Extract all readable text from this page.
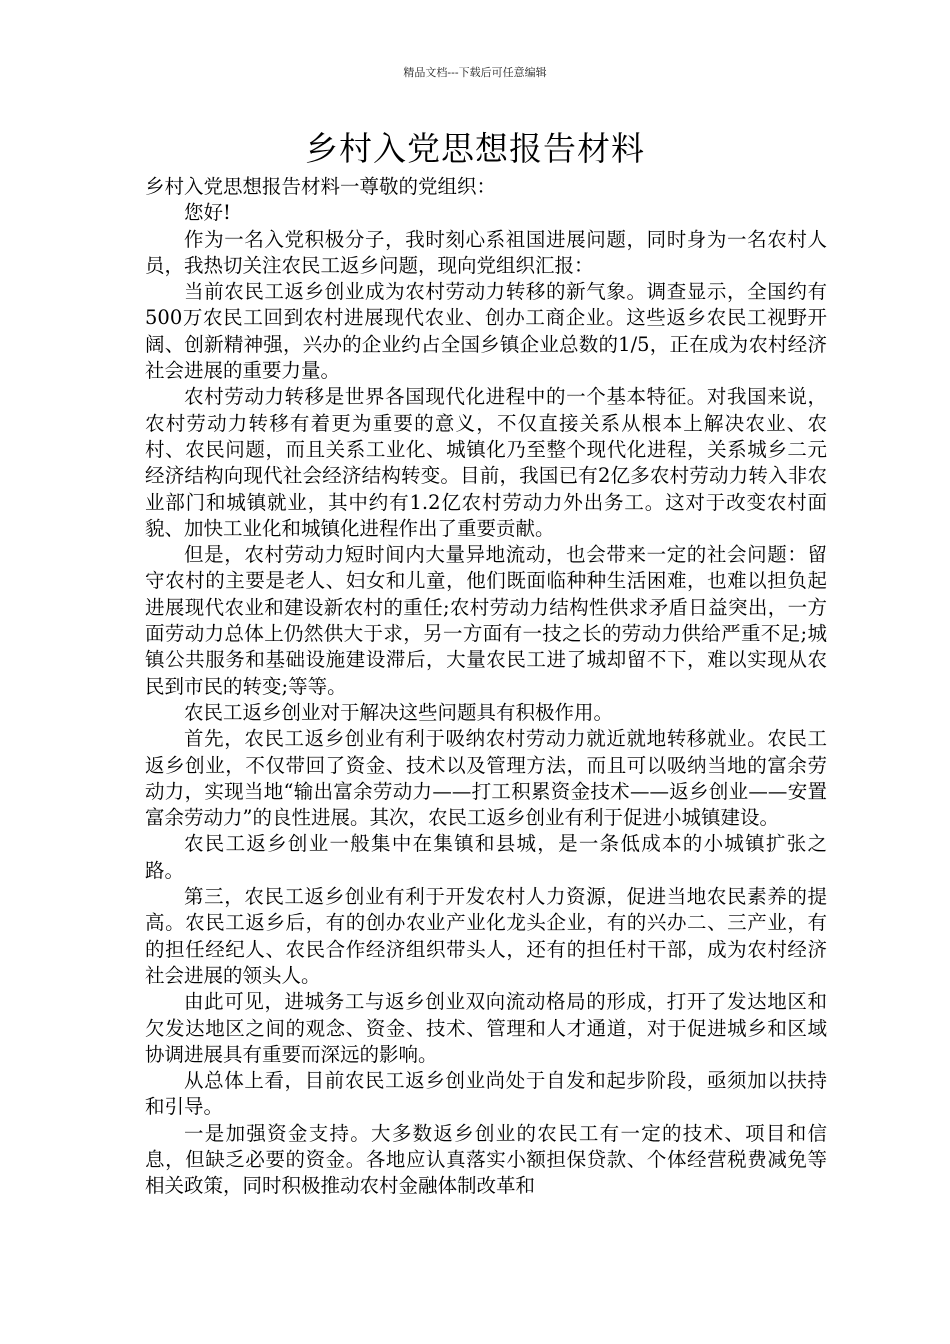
精品文档---下载后可任意编辑
乡村入党思想报告材料

乡村入党思想报告材料一尊敬的党组织：

您好!

作为一名入党积极分子，我时刻心系祖国进展问题，同时身为一名农村人员，我热切关注农民工返乡问题，现向党组织汇报：

当前农民工返乡创业成为农村劳动力转移的新气象。调查显示，全国约有500万农民工回到农村进展现代农业、创办工商企业。这些返乡农民工视野开阔、创新精神强，兴办的企业约占全国乡镇企业总数的1/5，正在成为农村经济社会进展的重要力量。

农村劳动力转移是世界各国现代化进程中的一个基本特征。对我国来说，农村劳动力转移有着更为重要的意义，不仅直接关系从根本上解决农业、农村、农民问题，而且关系工业化、城镇化乃至整个现代化进程，关系城乡二元经济结构向现代社会经济结构转变。目前，我国已有2亿多农村劳动力转入非农业部门和城镇就业，其中约有1.2亿农村劳动力外出务工。这对于改变农村面貌、加快工业化和城镇化进程作出了重要贡献。

但是，农村劳动力短时间内大量异地流动，也会带来一定的社会问题：留守农村的主要是老人、妇女和儿童，他们既面临种种生活困难，也难以担负起进展现代农业和建设新农村的重任;农村劳动力结构性供求矛盾日益突出，一方面劳动力总体上仍然供大于求，另一方面有一技之长的劳动力供给严重不足;城镇公共服务和基础设施建设滞后，大量农民工进了城却留不下，难以实现从农民到市民的转变;等等。

农民工返乡创业对于解决这些问题具有积极作用。

首先，农民工返乡创业有利于吸纳农村劳动力就近就地转移就业。农民工返乡创业，不仅带回了资金、技术以及管理方法，而且可以吸纳当地的富余劳动力，实现当地“输出富余劳动力——打工积累资金技术——返乡创业——安置富余劳动力”的良性进展。其次，农民工返乡创业有利于促进小城镇建设。

农民工返乡创业一般集中在集镇和县城，是一条低成本的小城镇扩张之路。

第三，农民工返乡创业有利于开发农村人力资源，促进当地农民素养的提高。农民工返乡后，有的创办农业产业化龙头企业，有的兴办二、三产业，有的担任经纪人、农民合作经济组织带头人，还有的担任村干部，成为农村经济社会进展的领头人。

由此可见，进城务工与返乡创业双向流动格局的形成，打开了发达地区和欠发达地区之间的观念、资金、技术、管理和人才通道，对于促进城乡和区域协调进展具有重要而深远的影响。

从总体上看，目前农民工返乡创业尚处于自发和起步阶段，亟须加以扶持和引导。

一是加强资金支持。大多数返乡创业的农民工有一定的技术、项目和信息，但缺乏必要的资金。各地应认真落实小额担保贷款、个体经营税费减免等相关政策，同时积极推动农村金融体制改革和
